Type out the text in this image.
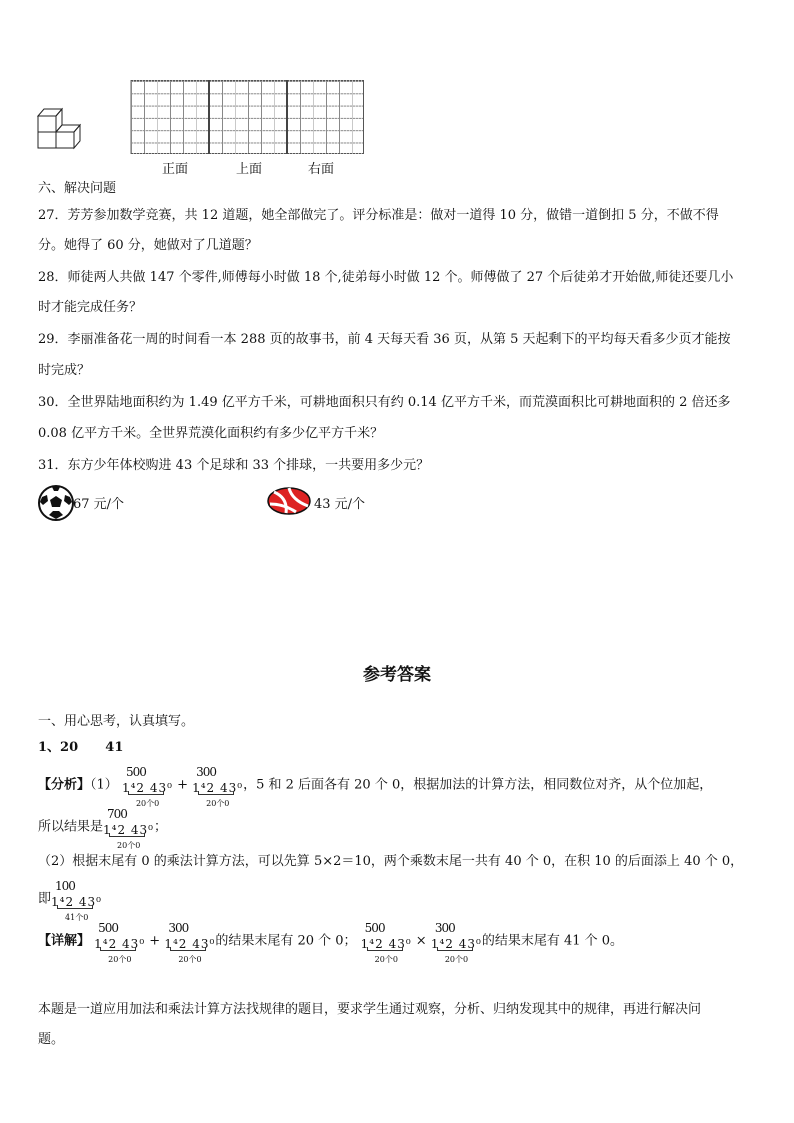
正面	上面	右面
六、解决问题
27．芳芳参加数学竞赛，共 12 道题，她全部做完了。评分标准是：做对一道得 10 分，做错一道倒扣 5 分，不做不得
分。她得了 60 分，她做对了几道题？
28．师徒两人共做 147 个零件,师傅每小时做 18 个,徒弟每小时做 12 个。师傅做了 27 个后徒弟才开始做,师徒还要几小
时才能完成任务？
29．李丽准备花一周的时间看一本 288 页的故事书，前 4 天每天看 36 页，从第 5 天起剩下的平均每天看多少页才能按
时完成？
30．全世界陆地面积约为 1.49 亿平方千米，可耕地面积只有约 0.14 亿平方千米，而荒漠面积比可耕地面积的 2 倍还多
0.08 亿平方千米。全世界荒漠化面积约有多少亿平方千米？
31．东方少年体校购进 43 个足球和 33 个排球，一共要用多少元？
67 元/个	43 元/个
参考答案
一、用心思考，认真填写。
1、20 41
【分析】（1）
500
1⁴2 43⁰
20个0
+
300
1⁴2 43⁰
20个0
，5 和 2 后面各有 20 个 0，根据加法的计算方法，相同数位对齐，从个位加起，
所以结果是
700
1⁴2 43⁰
20个0
；
（2）根据末尾有 0 的乘法计算方法，可以先算 5×2＝10，两个乘数末尾一共有 40 个 0，在积 10 的后面添上 40 个 0，
即
100
1⁴2 43⁰
41个0
【详解】
500
1⁴2 43⁰
20个0
+
300
1⁴2 43⁰
20个0
的结果末尾有 20 个 0；
500
1⁴2 43⁰
20个0
×
300
1⁴2 43⁰
20个0
的结果末尾有 41 个 0。
本题是一道应用加法和乘法计算方法找规律的题目，要求学生通过观察，分析、归纳发现其中的规律，再进行解决问
题。
